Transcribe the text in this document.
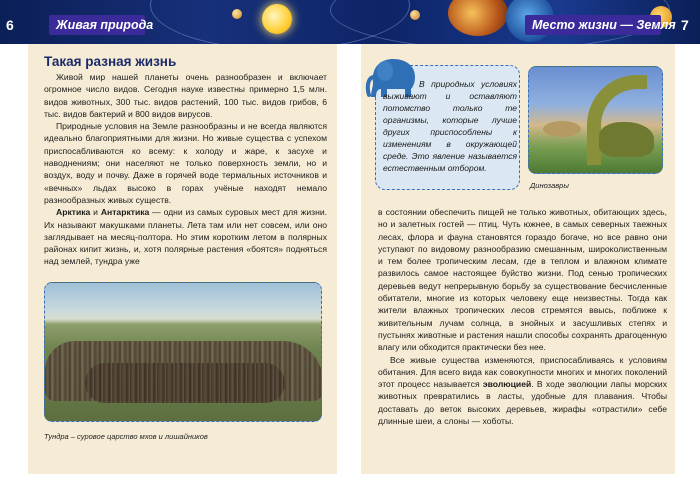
6	Живая природа	Место жизни — Земля 7
Такая разная жизнь

Живой мир нашей планеты очень разнообразен и включает огромное число видов. Сегодня науке известны примерно 1,5 млн. видов животных, 300 тыс. видов растений, 100 тыс. видов грибов, 6 тыс. видов бактерий и 800 видов вирусов.

Природные условия на Земле разнообразны и не всегда являются идеально благоприятными для жизни. Но живые существа с успехом приспосабливаются ко всему: к холоду и жаре, к засухе и наводнениям; они населяют не только поверхность земли, но и воздух, воду и почву. Даже в горячей воде термальных источников и «вечных» льдах высоко в горах учёные находят немало разнообразных живых существ.

Арктика и Антарктика — одни из самых суровых мест для жизни. Их называют макушками планеты. Лета там или нет совсем, или оно заглядывает на месяц-полтора. Но этим коротким летом в полярных районах кипит жизнь, и, хотя полярные растения «боятся» подняться над землей, тундра уже

Тундра – суровое царство мхов и лишайников
В природных условиях выживают и оставляют потомство только те организмы, которые лучше других приспособлены к изменениям в окружающей среде. Это явление называется естественным отбором.
Динозавры

в состоянии обеспечить пищей не только животных, обитающих здесь, но и залетных гостей — птиц. Чуть южнее, в самых северных таежных лесах, флора и фауна становятся гораздо богаче, но все равно они уступают по видовому разнообразию смешанным, широколиственным и тем более тропическим лесам, где в теплом и влажном климате развилось самое настоящее буйство жизни. Под сенью тропических деревьев ведут непрерывную борьбу за существование бесчисленные обитатели, многие из которых человеку еще неизвестны. Тогда как жители влажных тропических лесов стремятся ввысь, поближе к живительным лучам солнца, в знойных и засушливых степях и пустынях животные и растения нашли способы сохранять драгоценную влагу или обходится практически без нее.

Все живые существа изменяются, приспосабливаясь к условиям обитания. Для всего вида как совокупности многих и многих поколений этот процесс называется эволюцией. В ходе эволюции лапы морских животных превратились в ласты, удобные для плавания. Чтобы доставать до веток высоких деревьев, жирафы «отрастили» себе длинные шеи, а слоны — хоботы.
